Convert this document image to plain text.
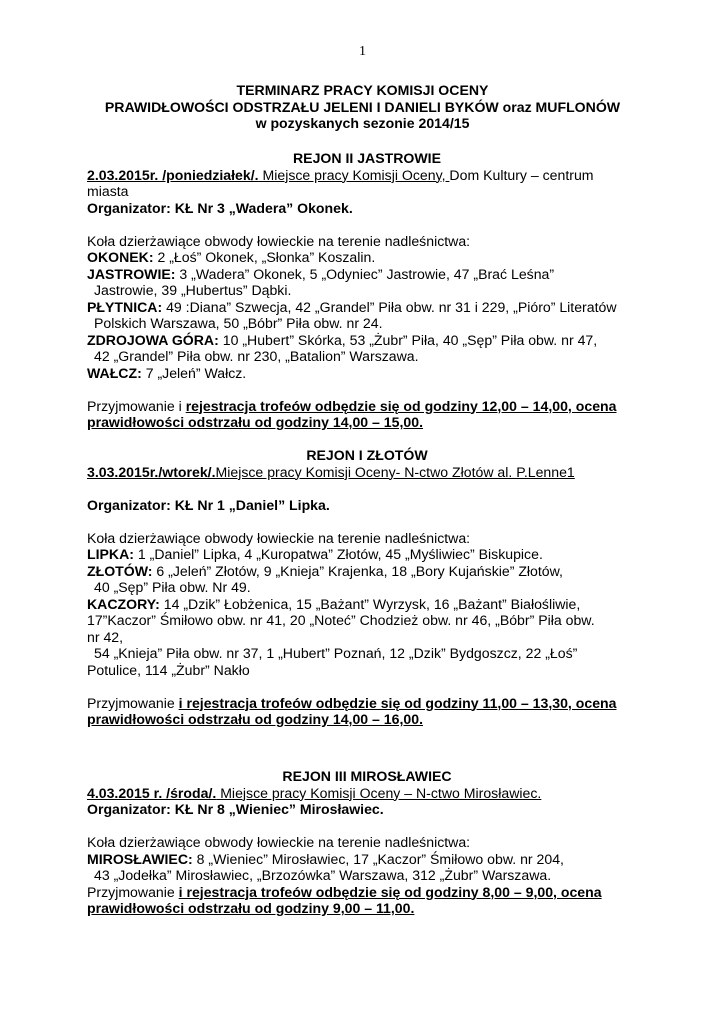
1
TERMINARZ PRACY KOMISJI OCENY
PRAWIDŁOWOŚCI ODSTRZAŁU JELENI I DANIELI BYKÓW oraz MUFLONÓW
w pozyskanych sezonie 2014/15

REJON II JASTROWIE

2.03.2015r. /poniedziałek/. Miejsce pracy Komisji Oceny, Dom Kultury – centrum

miasta

Organizator: KŁ Nr 3 „Wadera” Okonek.

Koła dzierżawiące obwody łowieckie na terenie nadleśnictwa:

OKONEK: 2 „Łoś” Okonek, „Słonka” Koszalin.

JASTROWIE: 3 „Wadera” Okonek, 5 „Odyniec” Jastrowie, 47 „Brać Leśna”

Jastrowie, 39 „Hubertus” Dąbki.

PŁYTNICA: 49 :Diana” Szwecja, 42 „Grandel” Piła obw. nr 31 i 229, „Pióro” Literatów

Polskich Warszawa, 50 „Bóbr” Piła obw. nr 24.

ZDROJOWA GÓRA: 10 „Hubert” Skórka, 53 „Żubr” Piła, 40 „Sęp” Piła obw. nr 47,

42 „Grandel” Piła obw. nr 230, „Batalion” Warszawa.

WAŁCZ: 7 „Jeleń” Wałcz.

Przyjmowanie i rejestracja trofeów odbędzie się od godziny 12,00 – 14,00, ocena

prawidłowości odstrzału od godziny 14,00 – 15,00.

REJON I ZŁOTÓW

3.03.2015r./wtorek/.Miejsce pracy Komisji Oceny- N-ctwo Złotów al. P.Lenne1

Organizator: KŁ Nr 1 „Daniel” Lipka.

Koła dzierżawiące obwody łowieckie na terenie nadleśnictwa:

LIPKA: 1 „Daniel” Lipka, 4 „Kuropatwa” Złotów, 45 „Myśliwiec” Biskupice.

ZŁOTÓW: 6 „Jeleń” Złotów, 9 „Knieja” Krajenka, 18 „Bory Kujańskie” Złotów,

40 „Sęp” Piła obw. Nr 49.

KACZORY: 14 „Dzik” Łobżenica, 15 „Bażant” Wyrzysk, 16 „Bażant” Białośliwie,

17”Kaczor” Śmiłowo obw. nr 41, 20 „Noteć” Chodzież obw. nr 46, „Bóbr” Piła obw.

nr 42,

54 „Knieja” Piła obw. nr 37, 1 „Hubert” Poznań, 12 „Dzik” Bydgoszcz, 22 „Łoś”

Potulice, 114 „Żubr” Nakło

Przyjmowanie i rejestracja trofeów odbędzie się od godziny 11,00 – 13,30, ocena

prawidłowości odstrzału od godziny 14,00 – 16,00.

REJON III MIROSŁAWIEC

4.03.2015 r. /środa/. Miejsce pracy Komisji Oceny – N-ctwo Mirosławiec.

Organizator: KŁ Nr 8 „Wieniec” Mirosławiec.

Koła dzierżawiące obwody łowieckie na terenie nadleśnictwa:

MIROSŁAWIEC: 8 „Wieniec” Mirosławiec, 17 „Kaczor” Śmiłowo obw. nr 204,

43 „Jodełka” Mirosławiec, „Brzozówka” Warszawa, 312 „Żubr” Warszawa.

Przyjmowanie i rejestracja trofeów odbędzie się od godziny 8,00 – 9,00, ocena

prawidłowości odstrzału od godziny 9,00 – 11,00.
